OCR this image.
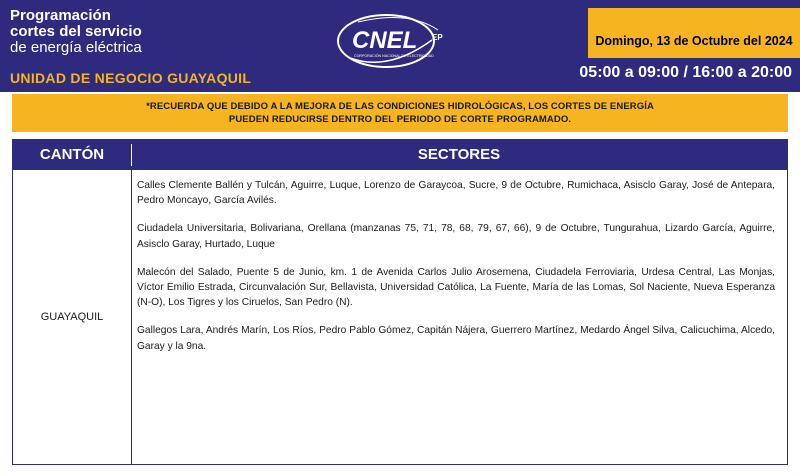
Programación
cortes del servicio
de energía eléctrica
UNIDAD DE NEGOCIO GUAYAQUIL
CNEL EP
CORPORACIÓN NACIONAL DE ELECTRICIDAD
Domingo, 13 de Octubre del 2024
05:00 a 09:00 / 16:00 a 20:00
*RECUERDA QUE DEBIDO A LA MEJORA DE LAS CONDICIONES HIDROLÓGICAS, LOS CORTES DE ENERGÍA
PUEDEN REDUCIRSE DENTRO DEL PERIODO DE CORTE PROGRAMADO.
CANTÓN	SECTORES
GUAYAQUIL

Calles Clemente Ballén y Tulcán, Aguirre, Luque, Lorenzo de Garaycoa, Sucre, 9 de Octubre, Rumichaca, Asisclo Garay, José de Antepara, Pedro Moncayo, García Avilés.

Ciudadela Universitaria, Bolivariana, Orellana (manzanas 75, 71, 78, 68, 79, 67, 66), 9 de Octubre, Tungurahua, Lizardo García, Aguirre, Asisclo Garay, Hurtado, Luque

Malecón del Salado, Puente 5 de Junio, km. 1 de Avenida Carlos Julio Arosemena, Ciudadela Ferroviaria, Urdesa Central, Las Monjas, Víctor Emilio Estrada, Circunvalación Sur, Bellavista, Universidad Católica, La Fuente, María de las Lomas, Sol Naciente, Nueva Esperanza (N-O), Los Tigres y los Ciruelos, San Pedro (N).

Gallegos Lara, Andrés Marín, Los Ríos, Pedro Pablo Gómez, Capitán Nájera, Guerrero Martínez, Medardo Ángel Silva, Calicuchima, Alcedo, Garay y la 9na.
